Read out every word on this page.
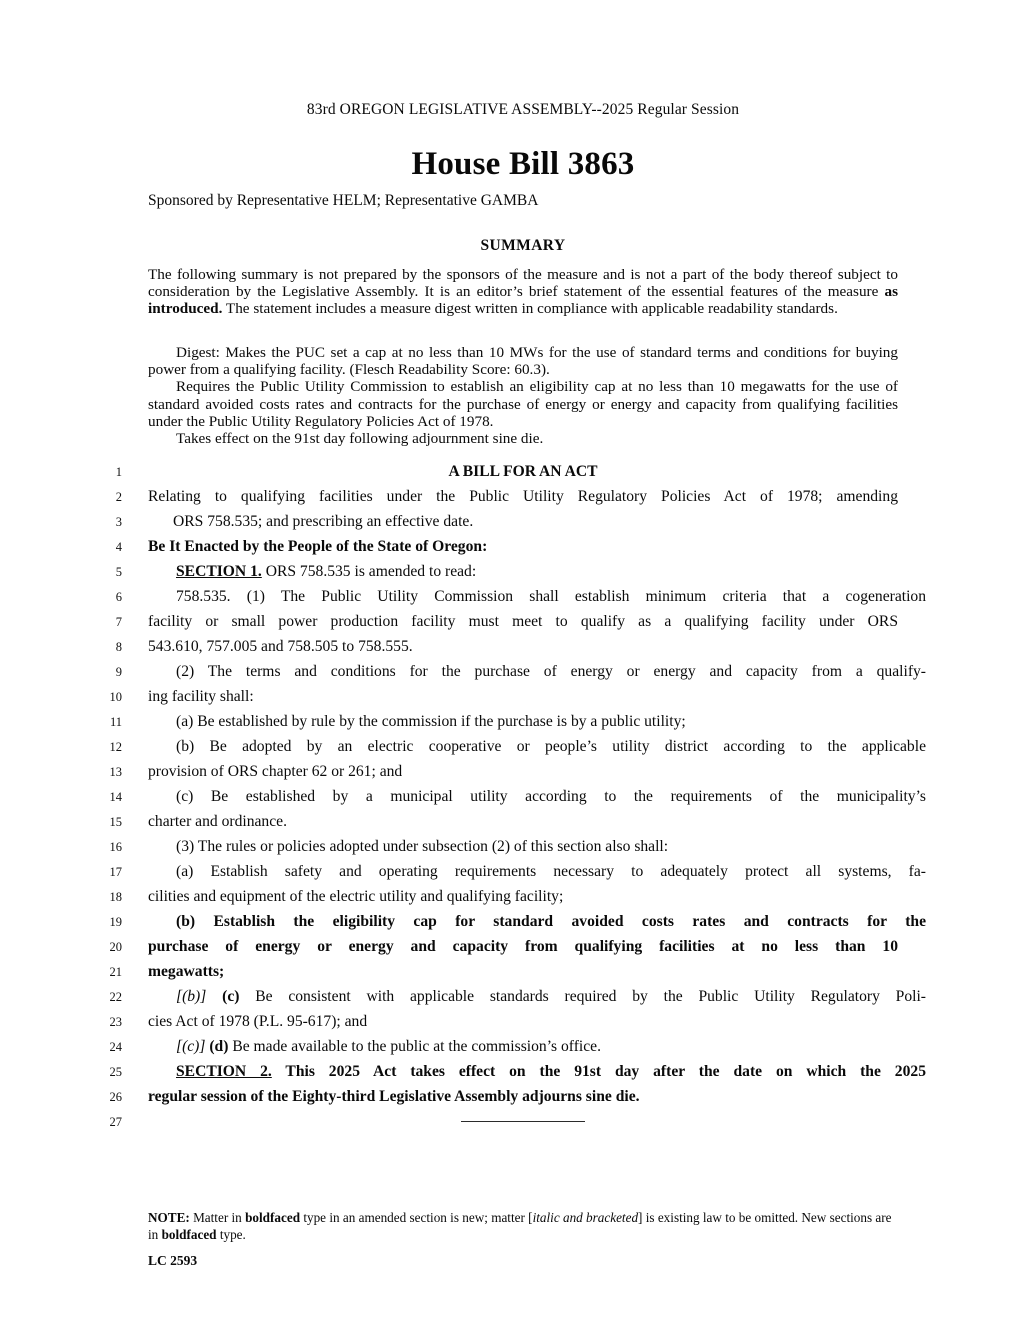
83rd OREGON LEGISLATIVE ASSEMBLY--2025 Regular Session
House Bill 3863
Sponsored by Representative HELM; Representative GAMBA
SUMMARY

The following summary is not prepared by the sponsors of the measure and is not a part of the body thereof subject to consideration by the Legislative Assembly. It is an editor’s brief statement of the essential features of the measure as introduced. The statement includes a measure digest written in compliance with applicable readability standards.

Digest: Makes the PUC set a cap at no less than 10 MWs for the use of standard terms and conditions for buying power from a qualifying facility. (Flesch Readability Score: 60.3).

Requires the Public Utility Commission to establish an eligibility cap at no less than 10 megawatts for the use of standard avoided costs rates and contracts for the purchase of energy or energy and capacity from qualifying facilities under the Public Utility Regulatory Policies Act of 1978.

Takes effect on the 91st day following adjournment sine die.

1	A BILL FOR AN ACT
2 Relating to qualifying facilities under the Public Utility Regulatory Policies Act of 1978; amending
3	ORS 758.535; and prescribing an effective date.
4 Be It Enacted by the People of the State of Oregon:
5	SECTION 1. ORS 758.535 is amended to read:
6	758.535. (1) The Public Utility Commission shall establish minimum criteria that a cogeneration
7 facility or small power production facility must meet to qualify as a qualifying facility under ORS
8 543.610, 757.005 and 758.505 to 758.555.
9	(2) The terms and conditions for the purchase of energy or energy and capacity from a qualify-
10 ing facility shall:
11	(a) Be established by rule by the commission if the purchase is by a public utility;
12	(b) Be adopted by an electric cooperative or people’s utility district according to the applicable
13 provision of ORS chapter 62 or 261; and
14	(c) Be established by a municipal utility according to the requirements of the municipality’s
15 charter and ordinance.
16	(3) The rules or policies adopted under subsection (2) of this section also shall:
17	(a) Establish safety and operating requirements necessary to adequately protect all systems, fa-
18 cilities and equipment of the electric utility and qualifying facility;
19	(b) Establish the eligibility cap for standard avoided costs rates and contracts for the
20 purchase of energy or energy and capacity from qualifying facilities at no less than 10
21 megawatts;
22	[(b)] (c) Be consistent with applicable standards required by the Public Utility Regulatory Poli-
23 cies Act of 1978 (P.L. 95-617); and
24	[(c)] (d) Be made available to the public at the commission’s office.
25	SECTION 2. This 2025 Act takes effect on the 91st day after the date on which the 2025
26 regular session of the Eighty-third Legislative Assembly adjourns sine die.
27
NOTE: Matter in boldfaced type in an amended section is new; matter [italic and bracketed] is existing law to be omitted. New sections are in boldfaced type.
LC 2593
